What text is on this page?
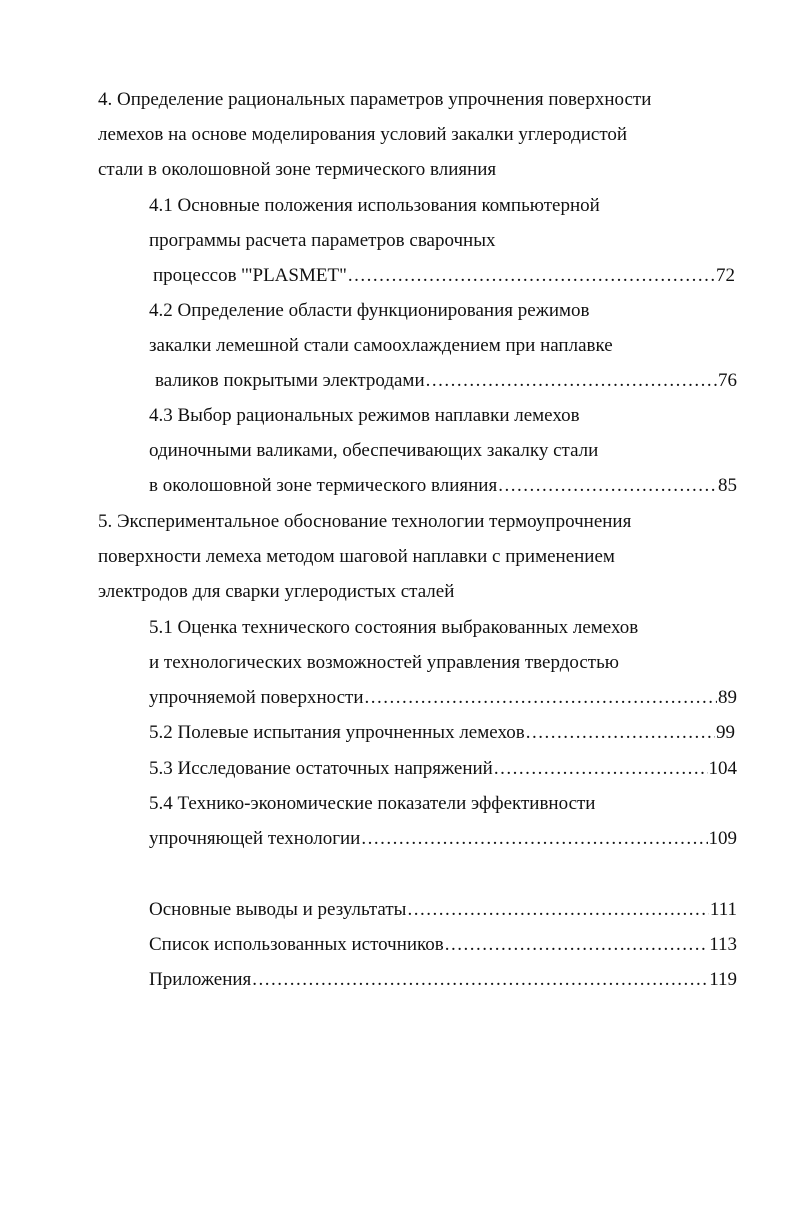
4. Определение рациональных параметров упрочнения поверхности
лемехов на основе моделирования условий закалки углеродистой
стали в околошовной зоне термического влияния
4.1 Основные положения использования компьютерной
программы расчета параметров сварочных
процессов '"PLASMET" .....	72
4.2 Определение области функционирования режимов
закалки лемешной стали самоохлаждением при наплавке
валиков покрытыми электродами .....	76
4.3 Выбор рациональных режимов наплавки лемехов
одиночными валиками, обеспечивающих закалку стали
в околошовной зоне термического влияния .....	85
5. Экспериментальное обоснование технологии термоупрочнения
поверхности лемеха методом шаговой наплавки с применением
электродов для сварки углеродистых сталей
5.1 Оценка технического состояния выбракованных лемехов
и технологических возможностей управления твердостью
упрочняемой поверхности .....	89
5.2 Полевые испытания упрочненных лемехов .....	99
5.3 Исследование остаточных напряжений .....	104
5.4 Технико-экономические показатели эффективности
упрочняющей технологии .....	109
Основные выводы и результаты .....	111
Список использованных источников .....	113
Приложения .....	119
